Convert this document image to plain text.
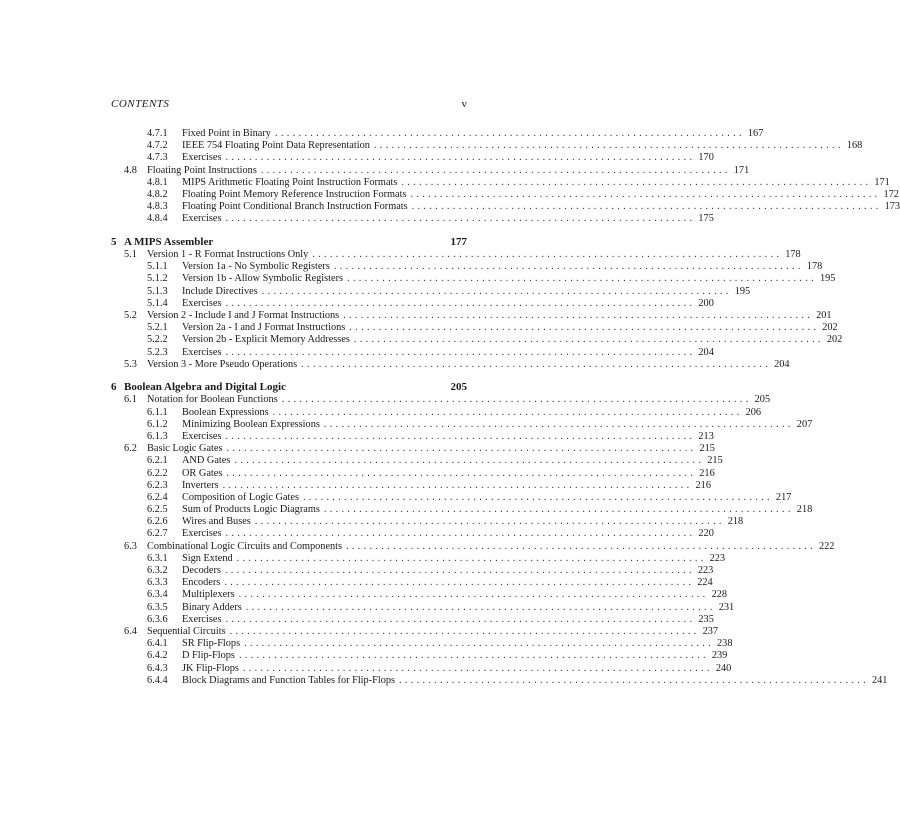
CONTENTS	v
4.7.1	Fixed Point in Binary ................................................................................ 167
4.7.2	IEEE 754 Floating Point Data Representation ................................................................................ 168
4.7.3	Exercises ................................................................................ 170
4.8 Floating Point Instructions ................................................................................ 171
4.8.1	MIPS Arithmetic Floating Point Instruction Formats ................................................................................ 171
4.8.2	Floating Point Memory Reference Instruction Formats ................................................................................ 172
4.8.3	Floating Point Conditional Branch Instruction Formats ................................................................................ 173
4.8.4	Exercises ................................................................................ 175
5 A MIPS Assembler	177
5.1 Version 1 - R Format Instructions Only ................................................................................ 178
5.1.1	Version 1a - No Symbolic Registers ................................................................................ 178
5.1.2	Version 1b - Allow Symbolic Registers ................................................................................ 195
5.1.3	Include Directives ................................................................................ 195
5.1.4	Exercises ................................................................................ 200
5.2 Version 2 - Include I and J Format Instructions ................................................................................ 201
5.2.1	Version 2a - I and J Format Instructions ................................................................................ 202
5.2.2	Version 2b - Explicit Memory Addresses ................................................................................ 202
5.2.3	Exercises ................................................................................ 204
5.3 Version 3 - More Pseudo Operations ................................................................................ 204
6 Boolean Algebra and Digital Logic	205
6.1 Notation for Boolean Functions ................................................................................ 205
6.1.1	Boolean Expressions ................................................................................ 206
6.1.2	Minimizing Boolean Expressions ................................................................................ 207
6.1.3	Exercises ................................................................................ 213
6.2 Basic Logic Gates ................................................................................ 215
6.2.1	AND Gates ................................................................................ 215
6.2.2	OR Gates ................................................................................ 216
6.2.3	Inverters ................................................................................ 216
6.2.4	Composition of Logic Gates ................................................................................ 217
6.2.5	Sum of Products Logic Diagrams ................................................................................ 218
6.2.6	Wires and Buses ................................................................................ 218
6.2.7	Exercises ................................................................................ 220
6.3 Combinational Logic Circuits and Components ................................................................................ 222
6.3.1	Sign Extend ................................................................................ 223
6.3.2	Decoders ................................................................................ 223
6.3.3	Encoders ................................................................................ 224
6.3.4	Multiplexers ................................................................................ 228
6.3.5	Binary Adders ................................................................................ 231
6.3.6	Exercises ................................................................................ 235
6.4 Sequential Circuits ................................................................................ 237
6.4.1	SR Flip-Flops ................................................................................ 238
6.4.2	D Flip-Flops ................................................................................ 239
6.4.3	JK Flip-Flops ................................................................................ 240
6.4.4	Block Diagrams and Function Tables for Flip-Flops ................................................................................ 241
